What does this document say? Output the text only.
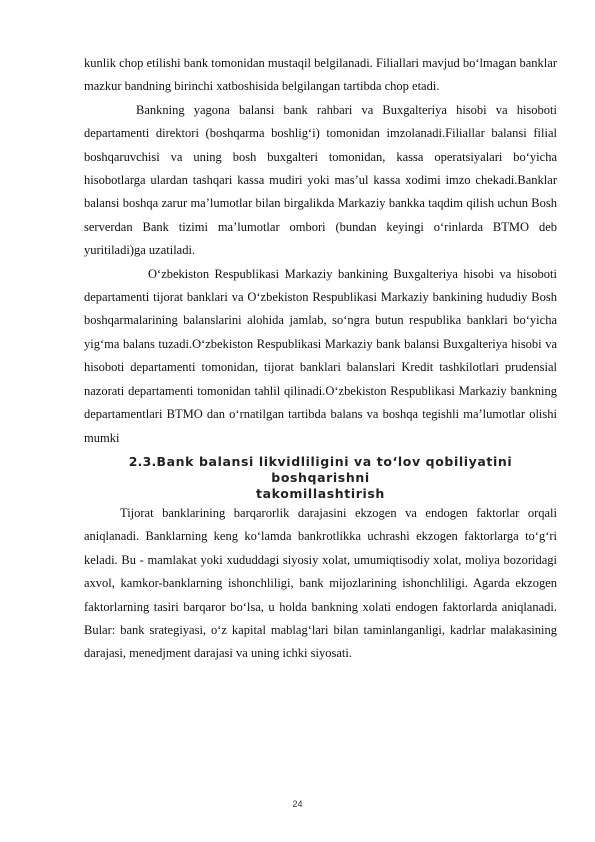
kunlik chop etilishi bank tomonidan mustaqil belgilanadi. Filiallari mavjud bo‘lmagan banklar mazkur bandning birinchi xatboshisida belgilangan tartibda chop etadi.

Bankning yagona balansi bank rahbari va Buxgalteriya hisobi va hisoboti departamenti direktori (boshqarma boshlig‘i) tomonidan imzolanadi.Filiallar balansi filial boshqaruvchisi va uning bosh buxgalteri tomonidan, kassa operatsiyalari bo‘yicha hisobotlarga ulardan tashqari kassa mudiri yoki mas’ul kassa xodimi imzo chekadi.Banklar balansi boshqa zarur ma’lumotlar bilan birgalikda Markaziy bankka taqdim qilish uchun Bosh serverdan Bank tizimi ma’lumotlar ombori (bundan keyingi o‘rinlarda BTMO deb yuritiladi)ga uzatiladi.

O‘zbekiston Respublikasi Markaziy bankining Buxgalteriya hisobi va hisoboti departamenti tijorat banklari va O‘zbekiston Respublikasi Markaziy bankining hududiy Bosh boshqarmalarining balanslarini alohida jamlab, so‘ngra butun respublika banklari bo‘yicha yig‘ma balans tuzadi.O‘zbekiston Respublikasi Markaziy bank balansi Buxgalteriya hisobi va hisoboti departamenti tomonidan, tijorat banklari balanslari Kredit tashkilotlari prudensial nazorati departamenti tomonidan tahlil qilinadi.O‘zbekiston Respublikasi Markaziy bankning departamentlari BTMO dan o‘rnatilgan tartibda balans va boshqa tegishli ma’lumotlar olishi mumki

2.3.Bank balansi likvidliligini va to‘lov qobiliyatini boshqarishni
takomillashtirish

Tijorat banklarining barqarorlik darajasini ekzogen va endogen faktorlar orqali aniqlanadi. Banklarning keng ko‘lamda bankrotlikka uchrashi ekzogen faktorlarga to‘g‘ri keladi. Bu - mamlakat yoki xududdagi siyosiy xolat, umumiqtisodiy xolat, moliya bozoridagi axvol, kamkor-banklarning ishonchliligi, bank mijozlarining ishonchliligi. Agarda ekzogen faktorlarning tasiri barqaror bo‘lsa, u holda bankning xolati endogen faktorlarda aniqlanadi. Bular: bank srategiyasi, o‘z kapital mablag‘lari bilan taminlanganligi, kadrlar malakasining darajasi, menedjment darajasi va uning ichki siyosati.

24
